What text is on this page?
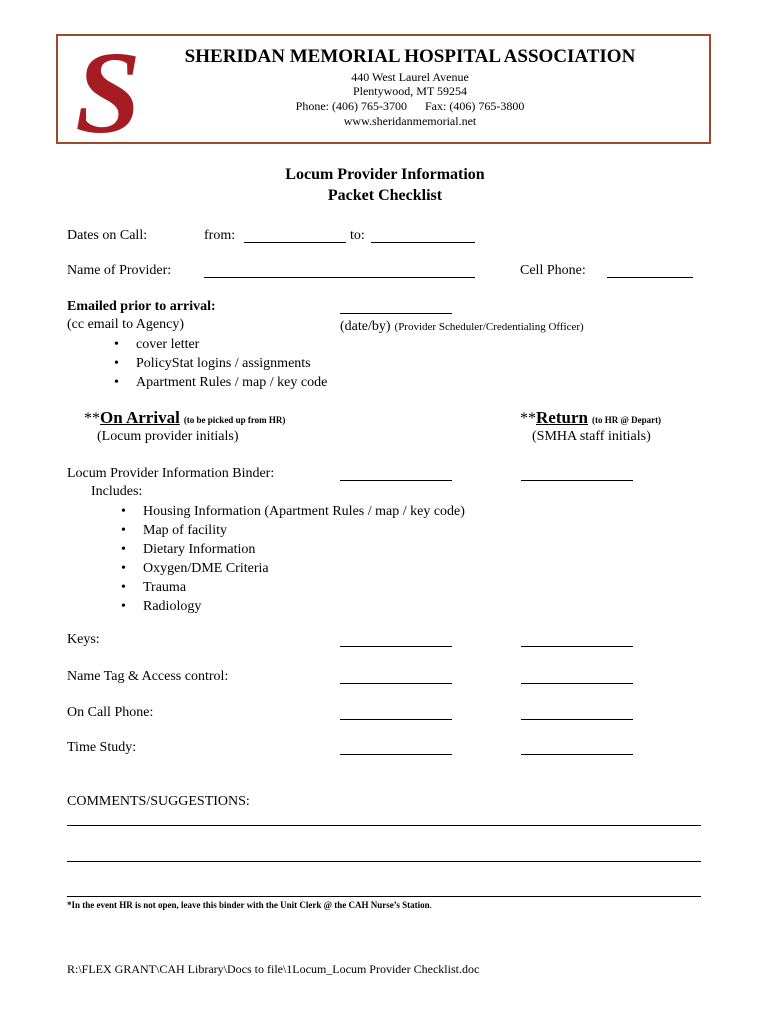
S	SHERIDAN MEMORIAL HOSPITAL ASSOCIATION
440 West Laurel Avenue
Plentywood, MT 59254
Phone: (406) 765-3700 Fax: (406) 765-3800
www.sheridanmemorial.net
Locum Provider Information
Packet Checklist
Dates on Call:	from:	to:
Name of Provider:	Cell Phone:
Emailed prior to arrival:
(cc email to Agency)	(date/by) (Provider Scheduler/Credentialing Officer)
• cover letter
• PolicyStat logins / assignments
• Apartment Rules / map / key code
**On Arrival (to be picked up from HR)
(Locum provider initials)
**Return (to HR @ Depart)
(SMHA staff initials)
Locum Provider Information Binder:
Includes:
• Housing Information (Apartment Rules / map / key code)
• Map of facility
• Dietary Information
• Oxygen/DME Criteria
• Trauma
• Radiology
Keys:
Name Tag & Access control:
On Call Phone:
Time Study:
COMMENTS/SUGGESTIONS:
*In the event HR is not open, leave this binder with the Unit Clerk @ the CAH Nurse’s Station.
R:\FLEX GRANT\CAH Library\Docs to file\1Locum_Locum Provider Checklist.doc
